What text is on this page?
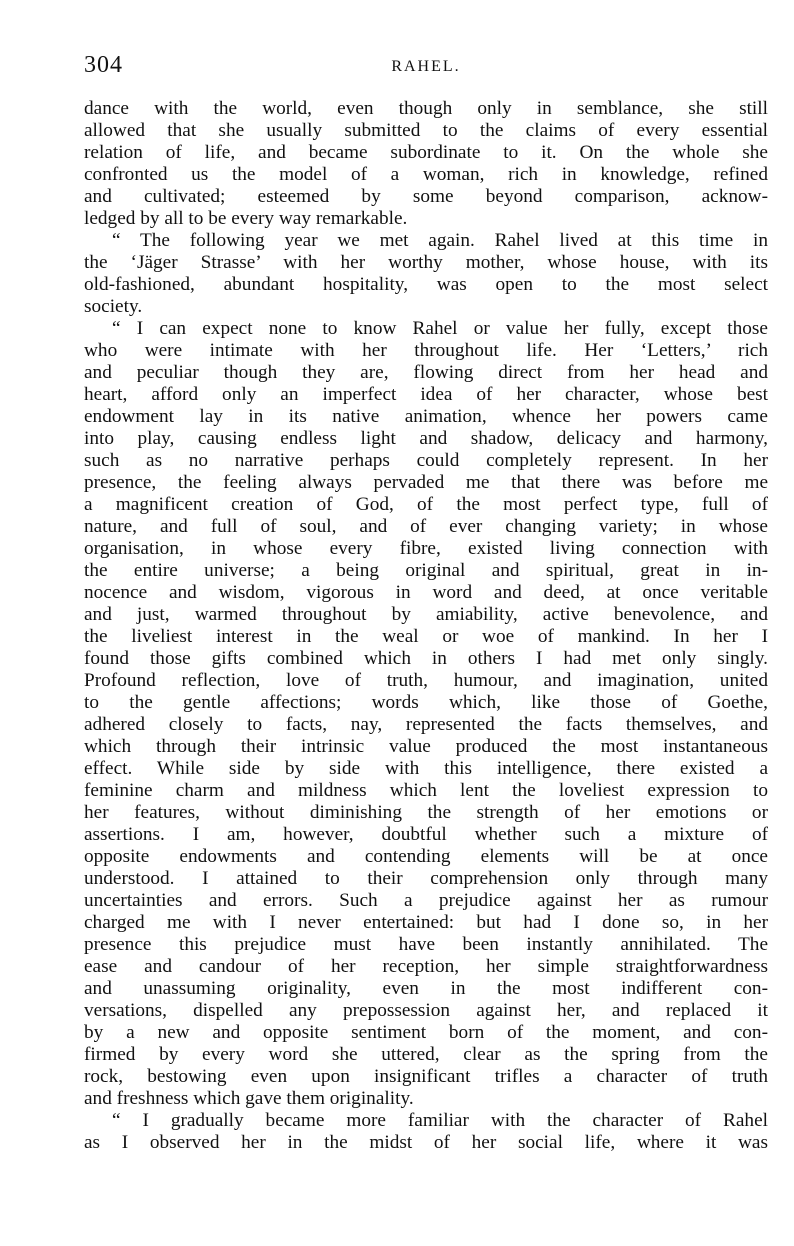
304	RAHEL.
dance with the world, even though only in semblance, she still
allowed that she usually submitted to the claims of every essential
relation of life, and became subordinate to it. On the whole she
confronted us the model of a woman, rich in knowledge, refined
and cultivated; esteemed by some beyond comparison, acknow-
ledged by all to be every way remarkable.
“ The following year we met again. Rahel lived at this time in
the ‘Jäger Strasse’ with her worthy mother, whose house, with its
old-fashioned, abundant hospitality, was open to the most select
society.
“ I can expect none to know Rahel or value her fully, except those
who were intimate with her throughout life. Her ‘Letters,’ rich
and peculiar though they are, flowing direct from her head and
heart, afford only an imperfect idea of her character, whose best
endowment lay in its native animation, whence her powers came
into play, causing endless light and shadow, delicacy and harmony,
such as no narrative perhaps could completely represent. In her
presence, the feeling always pervaded me that there was before me
a magnificent creation of God, of the most perfect type, full of
nature, and full of soul, and of ever changing variety; in whose
organisation, in whose every fibre, existed living connection with
the entire universe; a being original and spiritual, great in in-
nocence and wisdom, vigorous in word and deed, at once veritable
and just, warmed throughout by amiability, active benevolence, and
the liveliest interest in the weal or woe of mankind. In her I
found those gifts combined which in others I had met only singly.
Profound reflection, love of truth, humour, and imagination, united
to the gentle affections; words which, like those of Goethe,
adhered closely to facts, nay, represented the facts themselves, and
which through their intrinsic value produced the most instantaneous
effect. While side by side with this intelligence, there existed a
feminine charm and mildness which lent the loveliest expression to
her features, without diminishing the strength of her emotions or
assertions. I am, however, doubtful whether such a mixture of
opposite endowments and contending elements will be at once
understood. I attained to their comprehension only through many
uncertainties and errors. Such a prejudice against her as rumour
charged me with I never entertained: but had I done so, in her
presence this prejudice must have been instantly annihilated. The
ease and candour of her reception, her simple straightforwardness
and unassuming originality, even in the most indifferent con-
versations, dispelled any prepossession against her, and replaced it
by a new and opposite sentiment born of the moment, and con-
firmed by every word she uttered, clear as the spring from the
rock, bestowing even upon insignificant trifles a character of truth
and freshness which gave them originality.
“ I gradually became more familiar with the character of Rahel
as I observed her in the midst of her social life, where it was
